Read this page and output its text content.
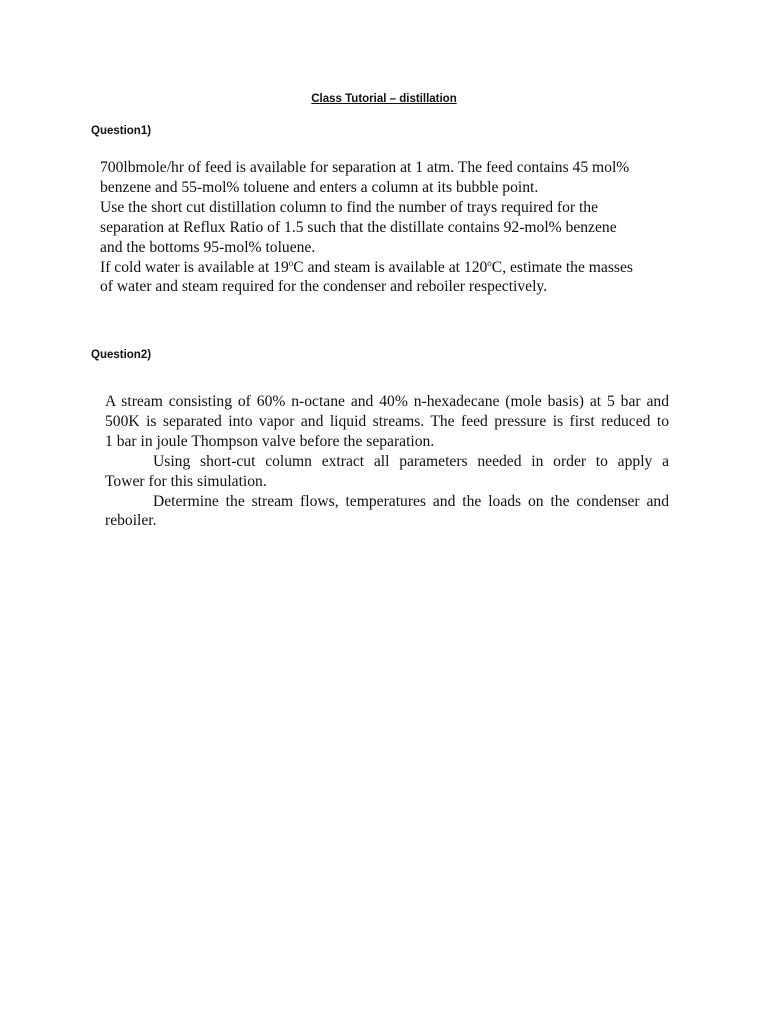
Class Tutorial – distillation
Question1)
700lbmole/hr of feed is available for separation at 1 atm. The feed contains 45 mol%
benzene and 55-mol% toluene and enters a column at its bubble point.
Use the short cut distillation column to find the number of trays required for the
separation at Reflux Ratio of 1.5 such that the distillate contains 92-mol% benzene
and the bottoms 95-mol% toluene.
If cold water is available at 19$^o$C and steam is available at 120$^o$C, estimate the masses
of water and steam required for the condenser and reboiler respectively.
Question2)
A stream consisting of 60% n-octane and 40% n-hexadecane (mole basis) at 5 bar and
500K is separated into vapor and liquid streams. The feed pressure is first reduced to
1 bar in joule Thompson valve before the separation.
Using short-cut column extract all parameters needed in order to apply a
Tower for this simulation.
Determine the stream flows, temperatures and the loads on the condenser and
reboiler.
